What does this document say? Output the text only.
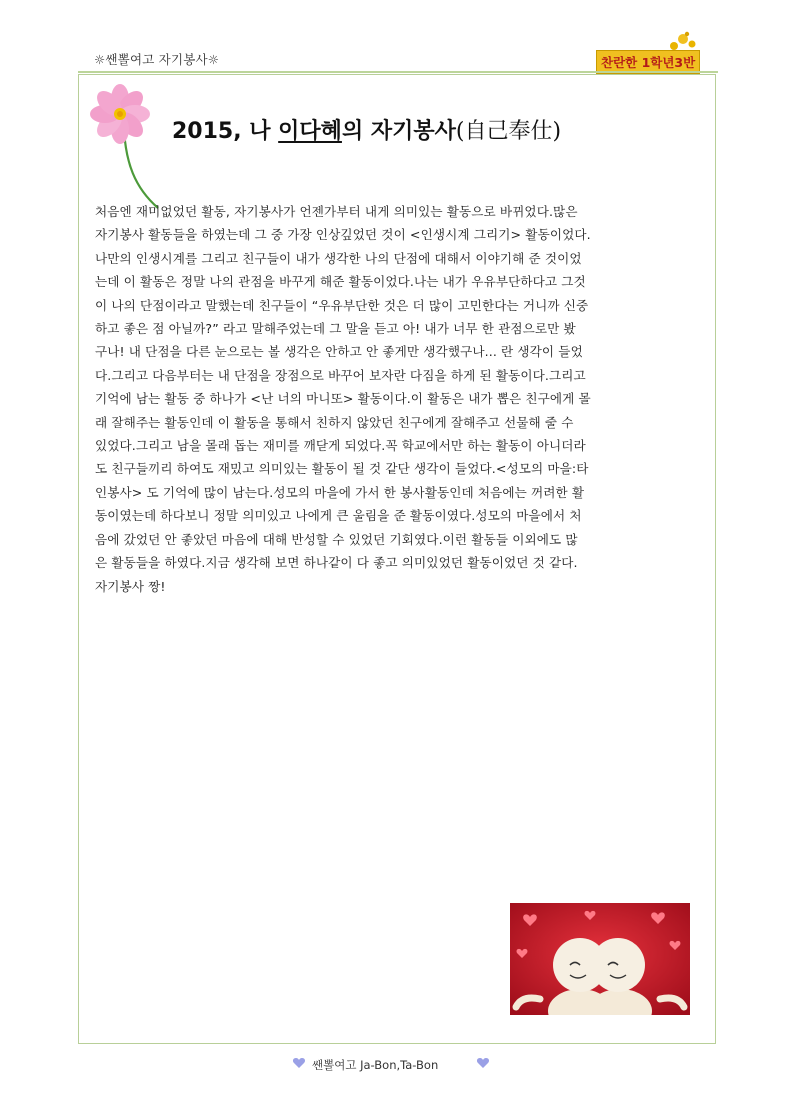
☼쌘뽈여고 자기봉사☼	찬란한 1학년3반
2015, 나 이다혜의 자기봉사(自己奉仕)
처음엔 재미없었던 활동, 자기봉사가 언젠가부터 내게 의미있는 활동으로 바뀌었다.많은
자기봉사 활동들을 하였는데 그 중 가장 인상깊었던 것이 <인생시계 그리기> 활동이었다.
나만의 인생시계를 그리고 친구들이 내가 생각한 나의 단점에 대해서 이야기해 준 것이었
는데 이 활동은 정말 나의 관점을 바꾸게 해준 활동이었다.나는 내가 우유부단하다고 그것
이 나의 단점이라고 말했는데 친구들이 “우유부단한 것은 더 많이 고민한다는 거니까 신중
하고 좋은 점 아닐까?” 라고 말해주었는데 그 말을 듣고 아! 내가 너무 한 관점으로만 봤
구나! 내 단점을 다른 눈으로는 볼 생각은 안하고 안 좋게만 생각했구나... 란 생각이 들었
다.그리고 다음부터는 내 단점을 장점으로 바꾸어 보자란 다짐을 하게 된 활동이다.그리고
기억에 남는 활동 중 하나가 <난 너의 마니또> 활동이다.이 활동은 내가 뽑은 친구에게 몰
래 잘해주는 활동인데 이 활동을 통해서 친하지 않았던 친구에게 잘해주고 선물해 줄 수
있었다.그리고 남을 몰래 돕는 재미를 깨닫게 되었다.꼭 학교에서만 하는 활동이 아니더라
도 친구들끼리 하여도 재밌고 의미있는 활동이 될 것 같단 생각이 들었다.<성모의 마을:타
인봉사> 도 기억에 많이 남는다.성모의 마을에 가서 한 봉사활동인데 처음에는 꺼려한 활
동이였는데 하다보니 정말 의미있고 나에게 큰 울림을 준 활동이였다.성모의 마을에서 처
음에 갔었던 안 좋았던 마음에 대해 반성할 수 있었던 기회였다.이런 활동들 이외에도 많
은 활동들을 하였다.지금 생각해 보면 하나같이 다 좋고 의미있었던 활동이었던 것 같다.
자기봉사 짱!
쌘뽈여고 Ja-Bon,Ta-Bon
